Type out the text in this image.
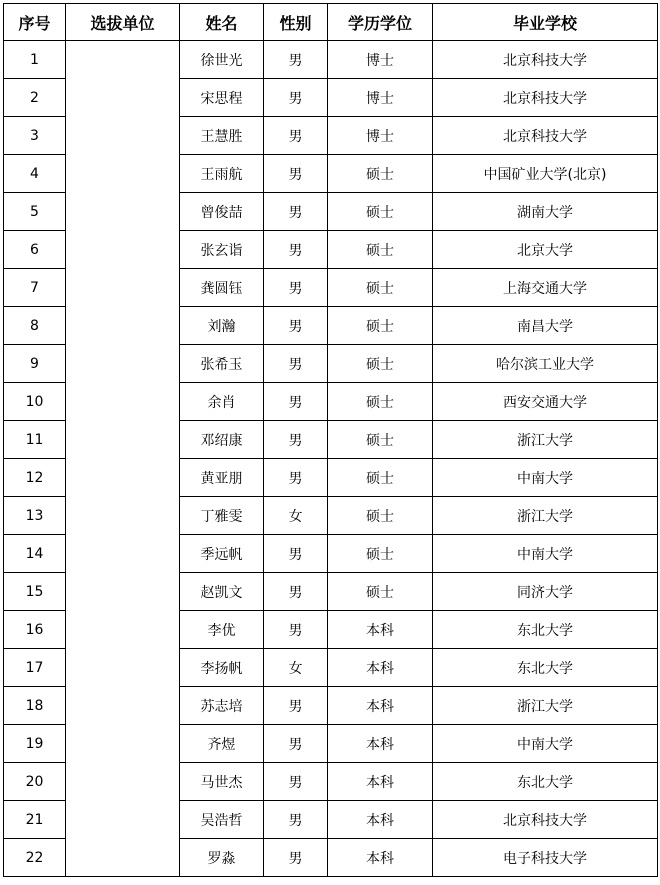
序号	选拔单位	姓名	性别	学历学位	毕业学校
1		徐世光	男	博士	北京科技大学
2		宋思程	男	博士	北京科技大学
3		王慧胜	男	博士	北京科技大学
4		王雨航	男	硕士	中国矿业大学(北京)
5		曾俊喆	男	硕士	湖南大学
6		张玄诣	男	硕士	北京大学
7		龚圆钰	男	硕士	上海交通大学
8		刘瀚	男	硕士	南昌大学
9		张希玉	男	硕士	哈尔滨工业大学
10		余肖	男	硕士	西安交通大学
11		邓绍康	男	硕士	浙江大学
12		黄亚朋	男	硕士	中南大学
13		丁雅雯	女	硕士	浙江大学
14		季远帆	男	硕士	中南大学
15		赵凯文	男	硕士	同济大学
16		李优	男	本科	东北大学
17		李扬帆	女	本科	东北大学
18		苏志培	男	本科	浙江大学
19		齐煜	男	本科	中南大学
20		马世杰	男	本科	东北大学
21		吴浩哲	男	本科	北京科技大学
22		罗淼	男	本科	电子科技大学
